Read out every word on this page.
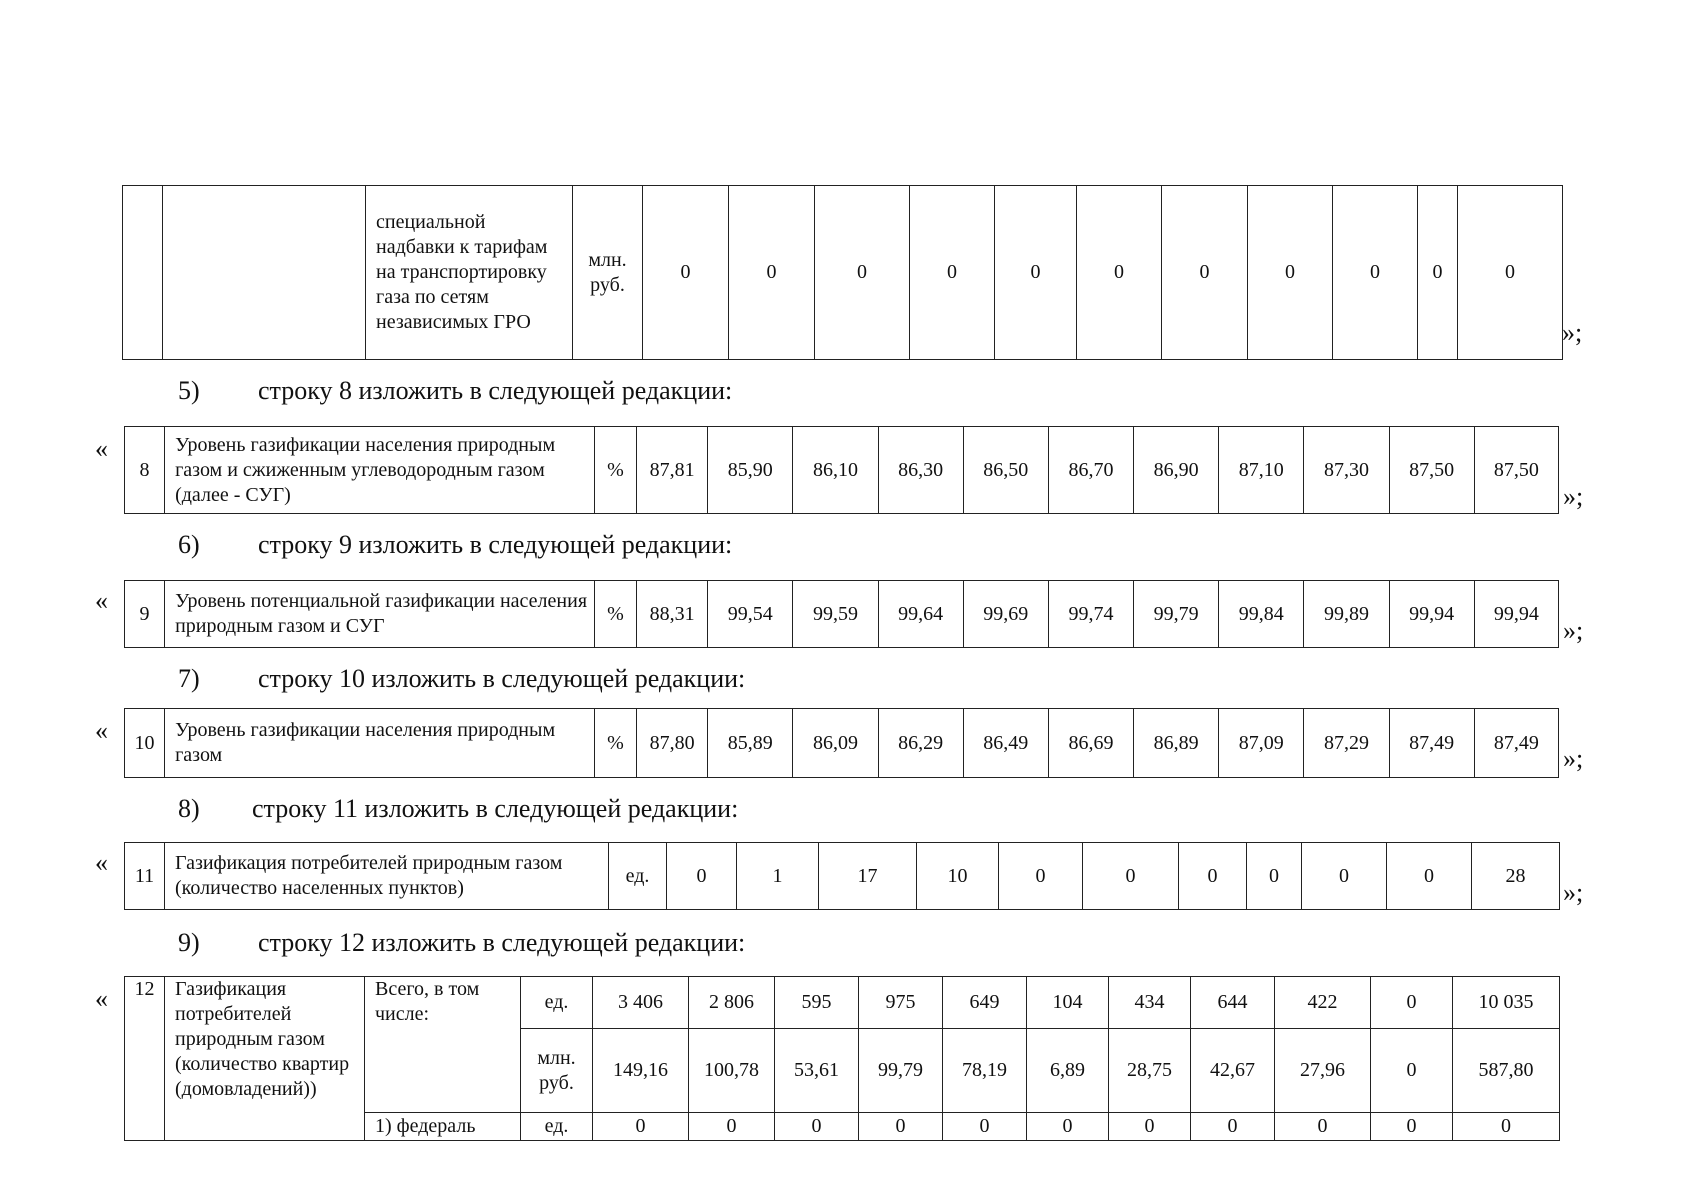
		специальной надбавки к тарифам на транспортировку газа по сетям независимых ГРО	млн. руб.	0	0	0	0	0	0	0	0	0	0	0
»;
5) строку 8 изложить в следующей редакции:
«
8	Уровень газификации населения природным газом и сжиженным углеводородным газом (далее - СУГ)	%	87,81	85,90	86,10	86,30	86,50	86,70	86,90	87,10	87,30	87,50	87,50
»;
6) строку 9 изложить в следующей редакции:
« 9	Уровень потенциальной газификации населения природным газом и СУГ	%	88,31	99,54	99,59	99,64	99,69	99,74	99,79	99,84	99,89	99,94	99,94
»;
7) строку 10 изложить в следующей редакции:
« 10	Уровень газификации населения природным газом	%	87,80	85,89	86,09	86,29	86,49	86,69	86,89	87,09	87,29	87,49	87,49
»;
8) строку 11 изложить в следующей редакции:
« 11	Газификация потребителей природным газом (количество населенных пунктов)	ед.	0	1	17	10	0	0	0	0	0	0	28
»;
9) строку 12 изложить в следующей редакции:
« 12	Газификация потребителей природным газом (количество квартир (домовладений))	Всего, в том числе:	ед.	3 406	2 806	595	975	649	104	434	644	422	0	10 035
			млн. руб.	149,16	100,78	53,61	99,79	78,19	6,89	28,75	42,67	27,96	0	587,80
		1) федераль	ед.	0	0	0	0	0	0	0	0	0	0	0
